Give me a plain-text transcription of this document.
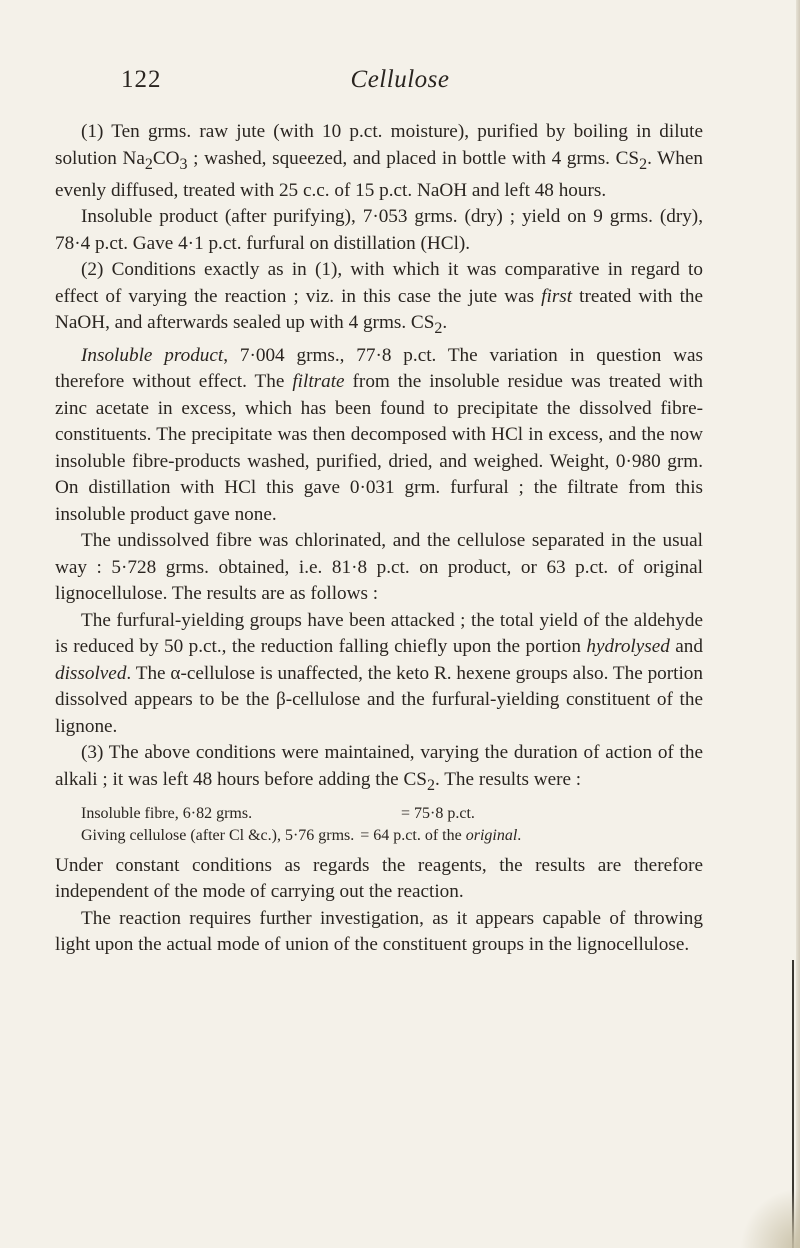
122	Cellulose

(1) Ten grms. raw jute (with 10 p.ct. moisture), purified by boiling in dilute solution $Na_2CO_3$ ; washed, squeezed, and placed in bottle with 4 grms. $CS_2$. When evenly diffused, treated with 25 c.c. of 15 p.ct. NaOH and left 48 hours.

Insoluble product (after purifying), 7·053 grms. (dry) ; yield on 9 grms. (dry), 78·4 p.ct. Gave 4·1 p.ct. furfural on distillation (HCl).

(2) Conditions exactly as in (1), with which it was comparative in regard to effect of varying the reaction ; viz. in this case the jute was first treated with the NaOH, and afterwards sealed up with 4 grms. $CS_2$.

Insoluble product, 7·004 grms., 77·8 p.ct. The variation in question was therefore without effect. The filtrate from the insoluble residue was treated with zinc acetate in excess, which has been found to precipitate the dissolved fibre-constituents. The precipitate was then decomposed with HCl in excess, and the now insoluble fibre-products washed, purified, dried, and weighed. Weight, 0·980 grm. On distillation with HCl this gave 0·031 grm. furfural ; the filtrate from this insoluble product gave none.

The undissolved fibre was chlorinated, and the cellulose separated in the usual way : 5·728 grms. obtained, i.e. 81·8 p.ct. on product, or 63 p.ct. of original lignocellulose. The results are as follows :

The furfural-yielding groups have been attacked ; the total yield of the aldehyde is reduced by 50 p.ct., the reduction falling chiefly upon the portion hydrolysed and dissolved. The α-cellulose is unaffected, the keto R. hexene groups also. The portion dissolved appears to be the β-cellulose and the furfural-yielding constituent of the lignone.

(3) The above conditions were maintained, varying the duration of action of the alkali ; it was left 48 hours before adding the $CS_2$. The results were :

Insoluble fibre, 6·82 grms.	= 75·8 p.ct.
Giving cellulose (after Cl &c.), 5·76 grms. = 64 p.ct. of the original.

Under constant conditions as regards the reagents, the results are therefore independent of the mode of carrying out the reaction.

The reaction requires further investigation, as it appears capable of throwing light upon the actual mode of union of the constituent groups in the lignocellulose.
